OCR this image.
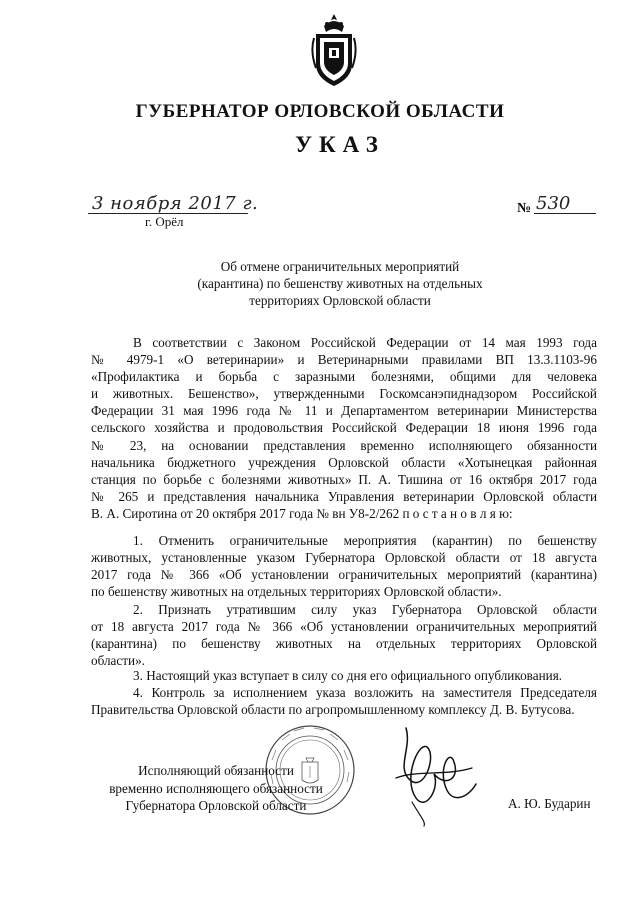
ГУБЕРНАТОР ОРЛОВСКОЙ ОБЛАСТИ
УКАЗ
3 ноября 2017 г.
г. Орёл
№ 530
Об отмене ограничительных мероприятий
(карантина) по бешенству животных на отдельных
территориях Орловской области
В соответствии с Законом Российской Федерации от 14 мая 1993 года
№ 4979-1 «О ветеринарии» и Ветеринарными правилами ВП 13.3.1103-96
«Профилактика и борьба с заразными болезнями, общими для человека
и животных. Бешенство», утвержденными Госкомсанэпиднадзором Российской
Федерации 31 мая 1996 года № 11 и Департаментом ветеринарии Министерства
сельского хозяйства и продовольствия Российской Федерации 18 июня 1996 года
№ 23, на основании представления временно исполняющего обязанности
начальника бюджетного учреждения Орловской области «Хотынецкая районная
станция по борьбе с болезнями животных» П. А. Тишина от 16 октября 2017 года
№ 265 и представления начальника Управления ветеринарии Орловской области
В. А. Сиротина от 20 октября 2017 года № вн У8-2/262 п о с т а н о в л я ю:
1. Отменить ограничительные мероприятия (карантин) по бешенству
животных, установленные указом Губернатора Орловской области от 18 августа
2017 года № 366 «Об установлении ограничительных мероприятий (карантина)
по бешенству животных на отдельных территориях Орловской области».
2. Признать утратившим силу указ Губернатора Орловской области
от 18 августа 2017 года № 366 «Об установлении ограничительных мероприятий
(карантина) по бешенству животных на отдельных территориях Орловской
области».
3. Настоящий указ вступает в силу со дня его официального опубликования.
4. Контроль за исполнением указа возложить на заместителя Председателя
Правительства Орловской области по агропромышленному комплексу Д. В. Бутусова.
Исполняющий обязанности
временно исполняющего обязанности
Губернатора Орловской области	А. Ю. Бударин
